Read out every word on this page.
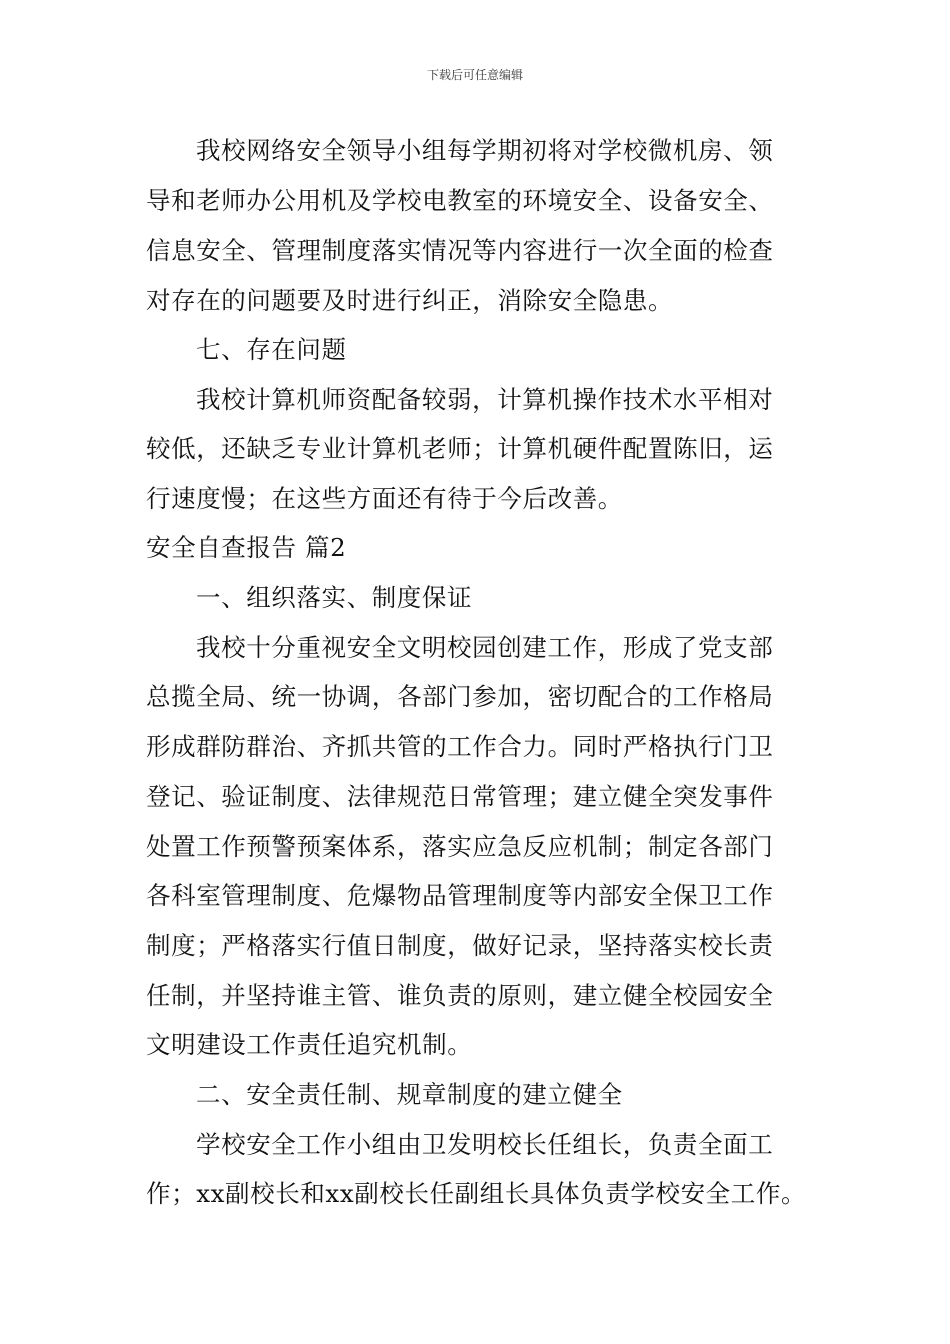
下载后可任意编辑
我校网络安全领导小组每学期初将对学校微机房、领
导和老师办公用机及学校电教室的环境安全、设备安全、
信息安全、管理制度落实情况等内容进行一次全面的检查
对存在的问题要及时进行纠正，消除安全隐患。
七、存在问题
我校计算机师资配备较弱，计算机操作技术水平相对
较低，还缺乏专业计算机老师；计算机硬件配置陈旧，运
行速度慢；在这些方面还有待于今后改善。
安全自查报告 篇2
一、组织落实、制度保证
我校十分重视安全文明校园创建工作，形成了党支部
总揽全局、统一协调，各部门参加，密切配合的工作格局
形成群防群治、齐抓共管的工作合力。同时严格执行门卫
登记、验证制度、法律规范日常管理；建立健全突发事件
处置工作预警预案体系，落实应急反应机制；制定各部门
各科室管理制度、危爆物品管理制度等内部安全保卫工作
制度；严格落实行值日制度，做好记录，坚持落实校长责
任制，并坚持谁主管、谁负责的原则，建立健全校园安全
文明建设工作责任追究机制。
二、安全责任制、规章制度的建立健全
学校安全工作小组由卫发明校长任组长，负责全面工
作；xx副校长和xx副校长任副组长具体负责学校安全工作。
